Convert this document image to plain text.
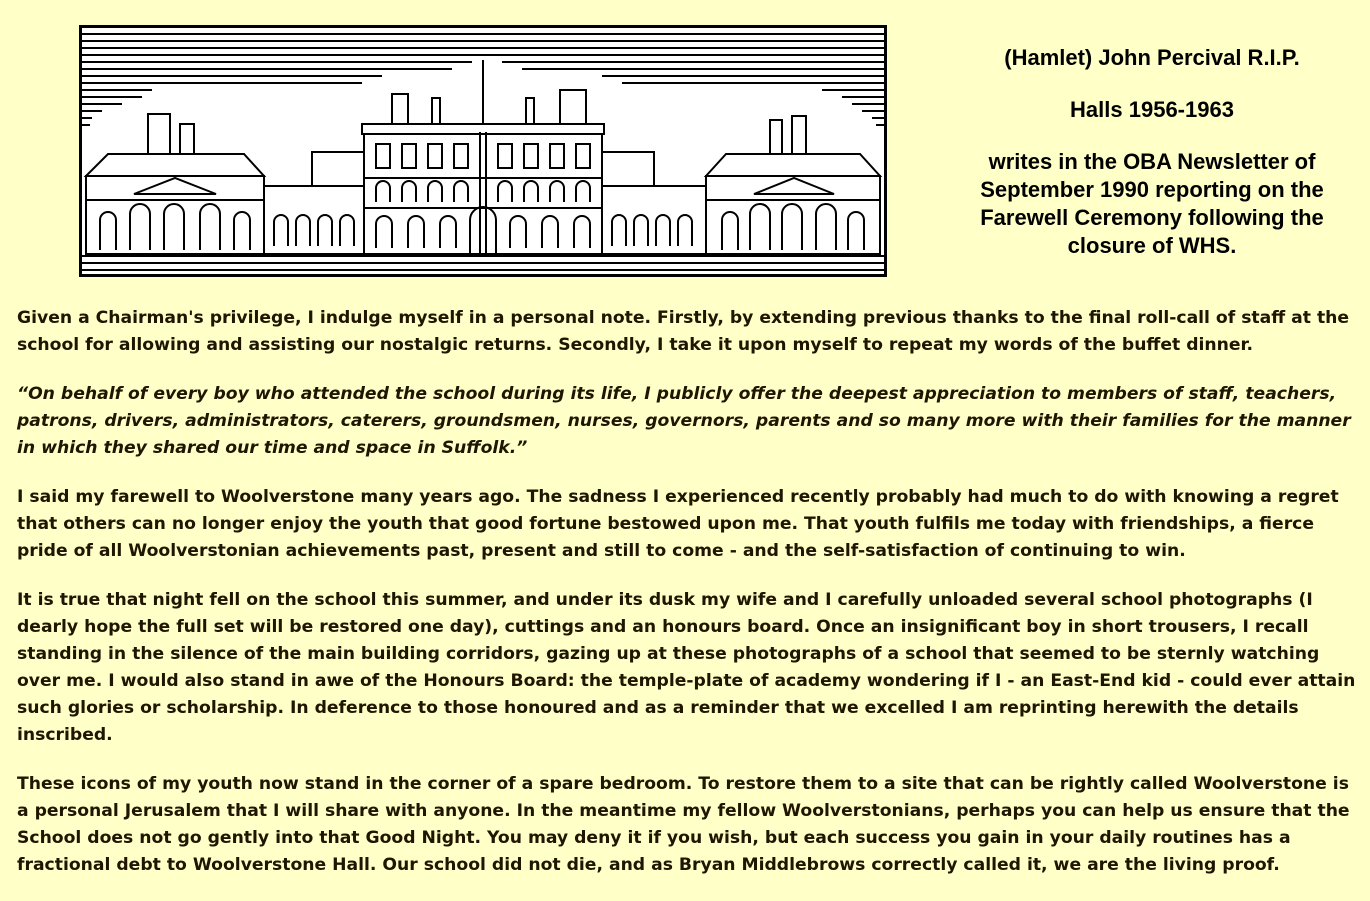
(Hamlet) John Percival R.I.P.

Halls 1956-1963

writes in the OBA Newsletter of September 1990 reporting on the Farewell Ceremony following the closure of WHS.

Given a Chairman's privilege, I indulge myself in a personal note. Firstly, by extending previous thanks to the final roll-call of staff at the school for allowing and assisting our nostalgic returns. Secondly, I take it upon myself to repeat my words of the buffet dinner.

“On behalf of every boy who attended the school during its life, I publicly offer the deepest appreciation to members of staff, teachers, patrons, drivers, administrators, caterers, groundsmen, nurses, governors, parents and so many more with their families for the manner in which they shared our time and space in Suffolk.”

I said my farewell to Woolverstone many years ago. The sadness I experienced recently probably had much to do with knowing a regret that others can no longer enjoy the youth that good fortune bestowed upon me. That youth fulfils me today with friendships, a fierce pride of all Woolverstonian achievements past, present and still to come - and the self-satisfaction of continuing to win.

It is true that night fell on the school this summer, and under its dusk my wife and I carefully unloaded several school photographs (I dearly hope the full set will be restored one day), cuttings and an honours board. Once an insignificant boy in short trousers, I recall standing in the silence of the main building corridors, gazing up at these photographs of a school that seemed to be sternly watching over me. I would also stand in awe of the Honours Board: the temple-plate of academy wondering if I - an East-End kid - could ever attain such glories or scholarship. In deference to those honoured and as a reminder that we excelled I am reprinting herewith the details inscribed.

These icons of my youth now stand in the corner of a spare bedroom. To restore them to a site that can be rightly called Woolverstone is a personal Jerusalem that I will share with anyone. In the meantime my fellow Woolverstonians, perhaps you can help us ensure that the School does not go gently into that Good Night. You may deny it if you wish, but each success you gain in your daily routines has a fractional debt to Woolverstone Hall. Our school did not die, and as Bryan Middlebrows correctly called it, we are the living proof.
